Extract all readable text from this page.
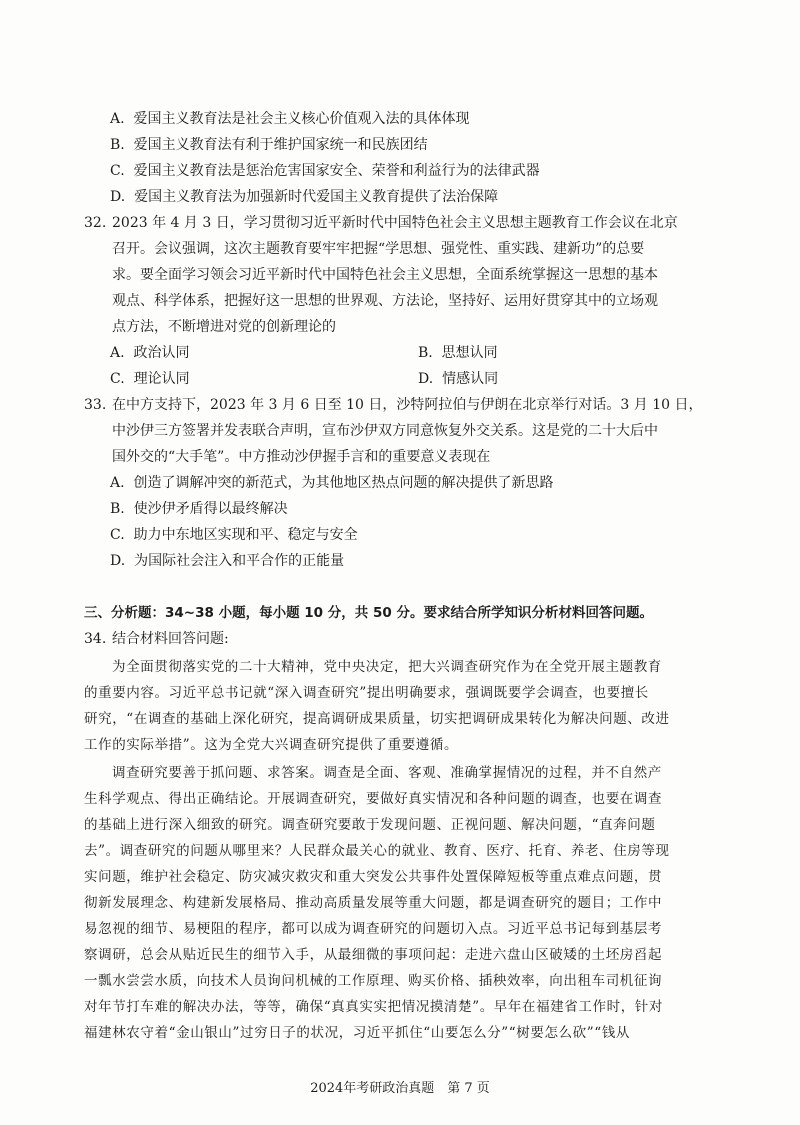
A. 爱国主义教育法是社会主义核心价值观入法的具体体现
B. 爱国主义教育法有利于维护国家统一和民族团结
C. 爱国主义教育法是惩治危害国家安全、荣誉和利益行为的法律武器
D. 爱国主义教育法为加强新时代爱国主义教育提供了法治保障
32. 2023 年 4 月 3 日，学习贯彻习近平新时代中国特色社会主义思想主题教育工作会议在北京
召开。会议强调，这次主题教育要牢牢把握“学思想、强党性、重实践、建新功”的总要
求。要全面学习领会习近平新时代中国特色社会主义思想，全面系统掌握这一思想的基本
观点、科学体系，把握好这一思想的世界观、方法论，坚持好、运用好贯穿其中的立场观
点方法，不断增进对党的创新理论的
A. 政治认同	B. 思想认同
C. 理论认同	D. 情感认同
33. 在中方支持下，2023 年 3 月 6 日至 10 日，沙特阿拉伯与伊朗在北京举行对话。3 月 10 日，
中沙伊三方签署并发表联合声明，宣布沙伊双方同意恢复外交关系。这是党的二十大后中
国外交的“大手笔”。中方推动沙伊握手言和的重要意义表现在
A. 创造了调解冲突的新范式，为其他地区热点问题的解决提供了新思路
B. 使沙伊矛盾得以最终解决
C. 助力中东地区实现和平、稳定与安全
D. 为国际社会注入和平合作的正能量
三、分析题：34~38 小题，每小题 10 分，共 50 分。要求结合所学知识分析材料回答问题。
34. 结合材料回答问题:
为全面贯彻落实党的二十大精神，党中央决定，把大兴调查研究作为在全党开展主题教育
的重要内容。习近平总书记就“深入调查研究”提出明确要求，强调既要学会调查，也要擅长
研究，“在调查的基础上深化研究，提高调研成果质量，切实把调研成果转化为解决问题、改进
工作的实际举措”。这为全党大兴调查研究提供了重要遵循。
调查研究要善于抓问题、求答案。调查是全面、客观、准确掌握情况的过程，并不自然产
生科学观点、得出正确结论。开展调查研究，要做好真实情况和各种问题的调查，也要在调查
的基础上进行深入细致的研究。调查研究要敢于发现问题、正视问题、解决问题，“直奔问题
去”。调查研究的问题从哪里来？人民群众最关心的就业、教育、医疗、托育、养老、住房等现
实问题，维护社会稳定、防灾减灾救灾和重大突发公共事件处置保障短板等重点难点问题，贯
彻新发展理念、构建新发展格局、推动高质量发展等重大问题，都是调查研究的题目；工作中
易忽视的细节、易梗阻的程序，都可以成为调查研究的问题切入点。习近平总书记每到基层考
察调研，总会从贴近民生的细节入手，从最细微的事项问起：走进六盘山区破矮的土坯房舀起
一瓢水尝尝水质，向技术人员询问机械的工作原理、购买价格、插秧效率，向出租车司机征询
对年节打车难的解决办法，等等，确保“真真实实把情况摸清楚”。早年在福建省工作时，针对
福建林农守着“金山银山”过穷日子的状况，习近平抓住“山要怎么分”“树要怎么砍”“钱从
2024年考研政治真题　第 7 页
